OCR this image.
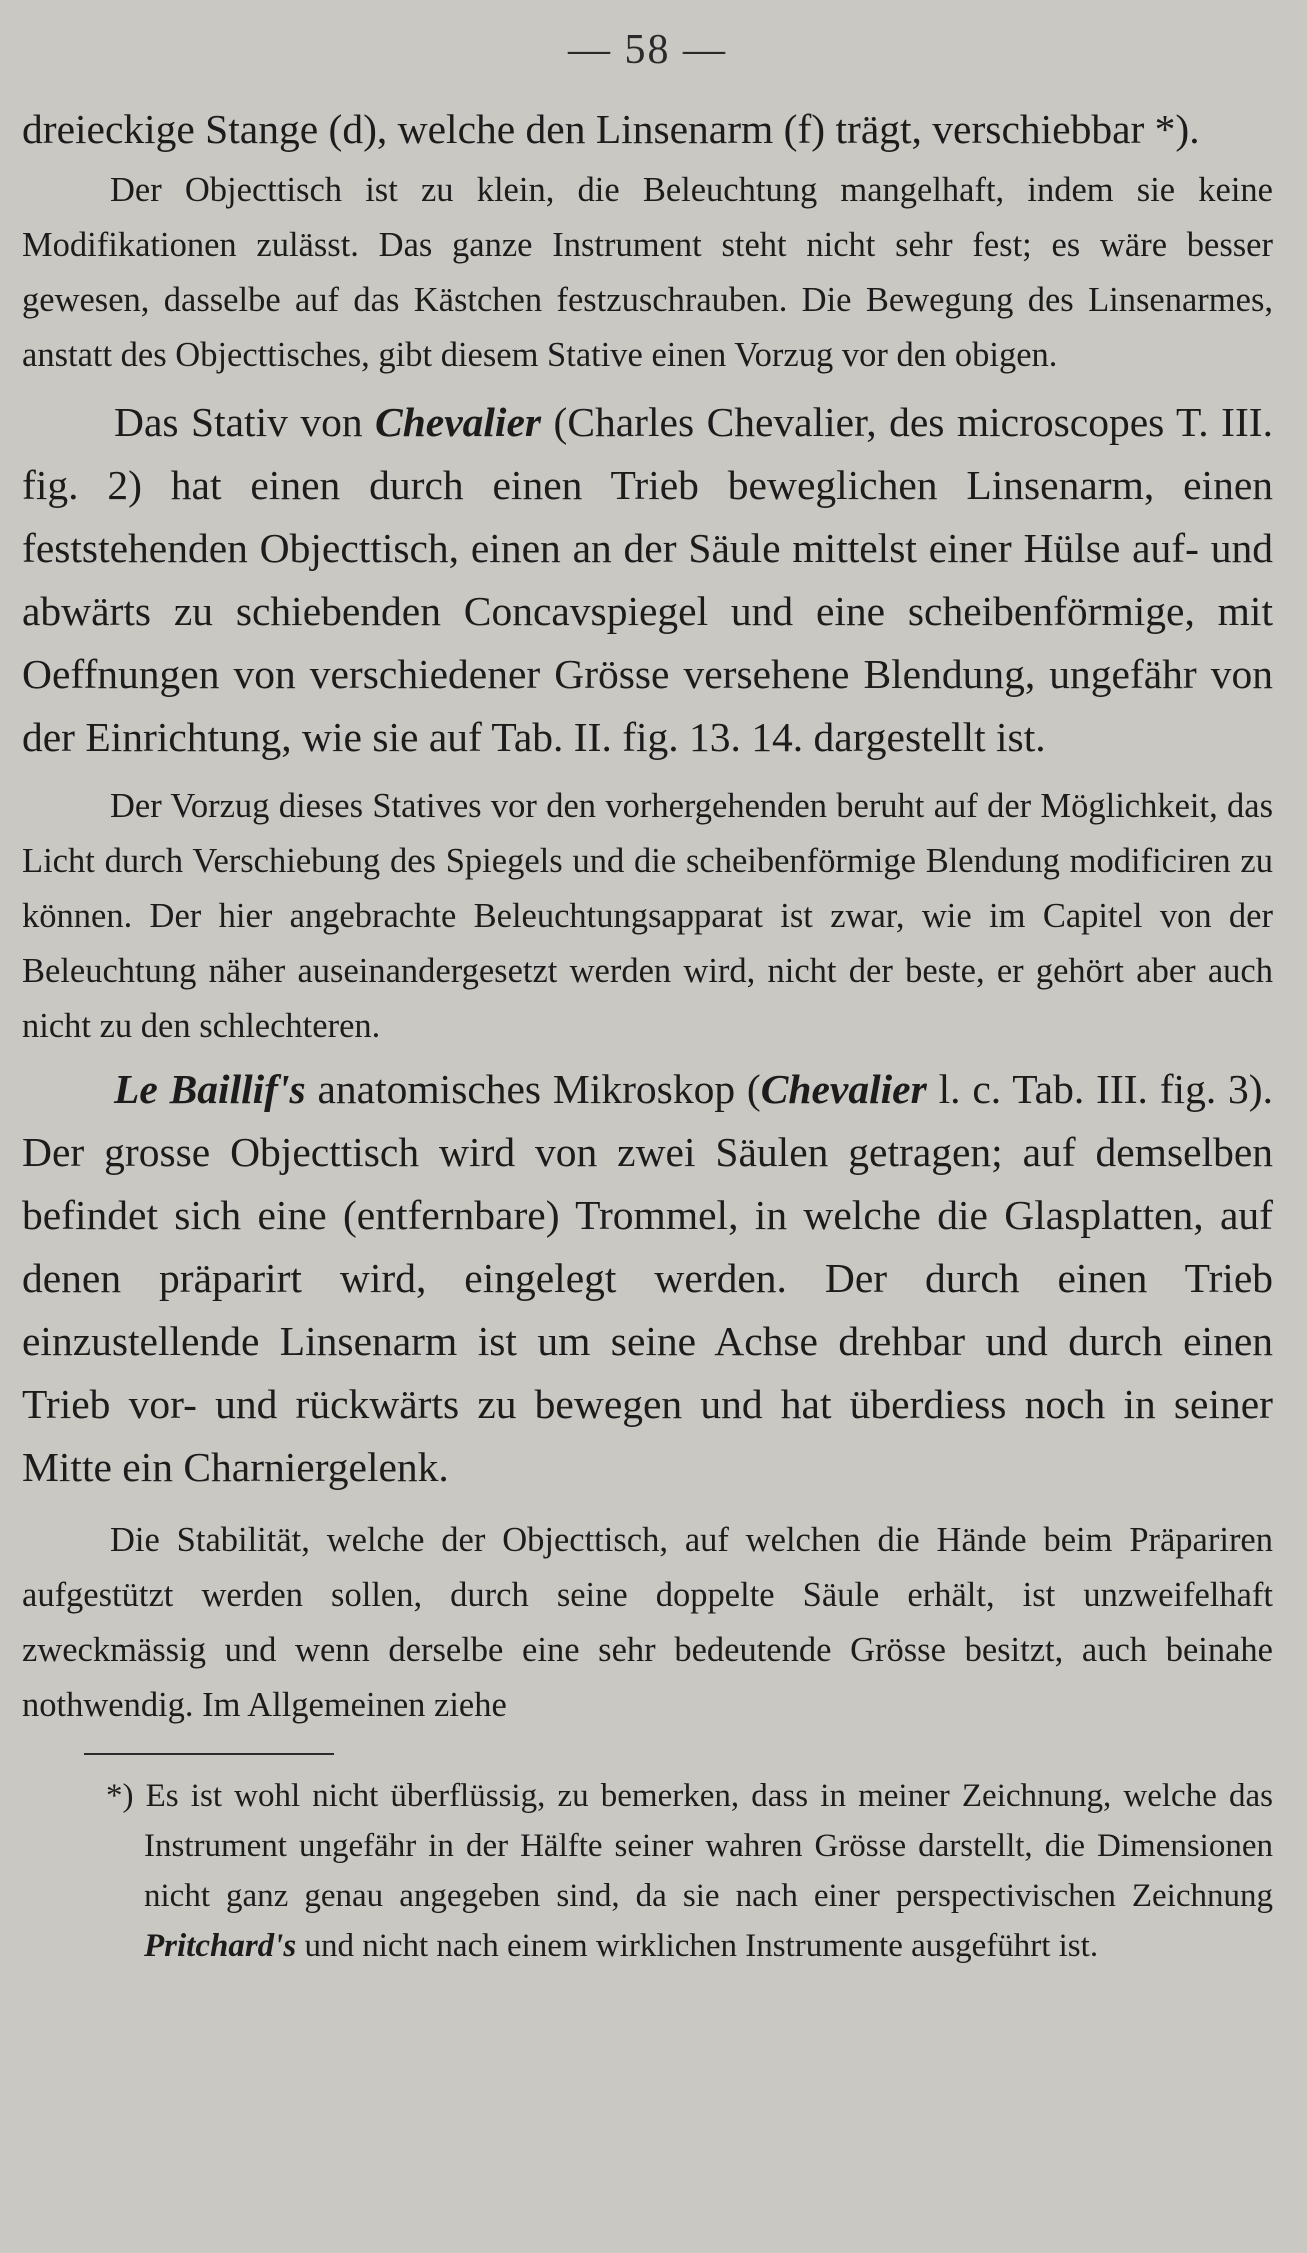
— 58 —

dreieckige Stange (d), welche den Linsenarm (f) trägt, verschiebbar *).

Der Objecttisch ist zu klein, die Beleuchtung mangelhaft, indem sie keine Modifikationen zulässt. Das ganze Instrument steht nicht sehr fest; es wäre besser gewesen, dasselbe auf das Kästchen festzuschrauben. Die Bewegung des Linsenarmes, anstatt des Objecttisches, gibt diesem Stative einen Vorzug vor den obigen.

Das Stativ von Chevalier (Charles Chevalier, des microscopes T. III. fig. 2) hat einen durch einen Trieb beweglichen Linsenarm, einen feststehenden Objecttisch, einen an der Säule mittelst einer Hülse auf- und abwärts zu schiebenden Concavspiegel und eine scheibenförmige, mit Oeffnungen von verschiedener Grösse versehene Blendung, ungefähr von der Einrichtung, wie sie auf Tab. II. fig. 13. 14. dargestellt ist.

Der Vorzug dieses Statives vor den vorhergehenden beruht auf der Möglichkeit, das Licht durch Verschiebung des Spiegels und die scheibenförmige Blendung modificiren zu können. Der hier angebrachte Beleuchtungsapparat ist zwar, wie im Capitel von der Beleuchtung näher auseinandergesetzt werden wird, nicht der beste, er gehört aber auch nicht zu den schlechteren.

Le Baillif's anatomisches Mikroskop (Chevalier l. c. Tab. III. fig. 3). Der grosse Objecttisch wird von zwei Säulen getragen; auf demselben befindet sich eine (entfernbare) Trommel, in welche die Glasplatten, auf denen präparirt wird, eingelegt werden. Der durch einen Trieb einzustellende Linsenarm ist um seine Achse drehbar und durch einen Trieb vor- und rückwärts zu bewegen und hat überdiess noch in seiner Mitte ein Charniergelenk.

Die Stabilität, welche der Objecttisch, auf welchen die Hände beim Präpariren aufgestützt werden sollen, durch seine doppelte Säule erhält, ist unzweifelhaft zweckmässig und wenn derselbe eine sehr bedeutende Grösse besitzt, auch beinahe nothwendig. Im Allgemeinen ziehe

*) Es ist wohl nicht überflüssig, zu bemerken, dass in meiner Zeichnung, welche das Instrument ungefähr in der Hälfte seiner wahren Grösse darstellt, die Dimensionen nicht ganz genau angegeben sind, da sie nach einer perspectivischen Zeichnung Pritchard's und nicht nach einem wirklichen Instrumente ausgeführt ist.
